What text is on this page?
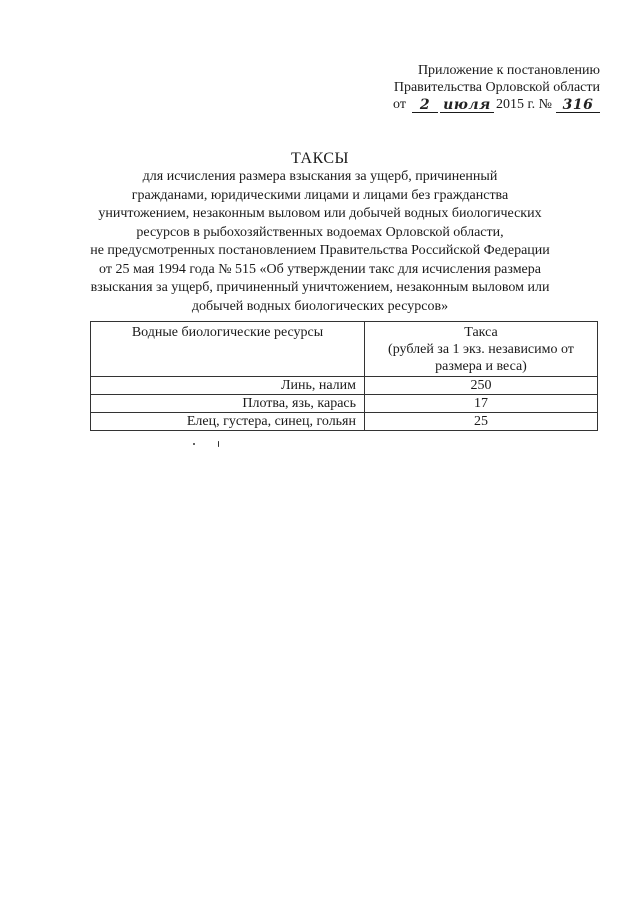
Приложение к постановлению
Правительства Орловской области
от 2 июля 2015 г. № 316
ТАКСЫ
для исчисления размера взыскания за ущерб, причиненный
гражданами, юридическими лицами и лицами без гражданства
уничтожением, незаконным выловом или добычей водных биологических
ресурсов в рыбохозяйственных водоемах Орловской области,
не предусмотренных постановлением Правительства Российской Федерации
от 25 мая 1994 года № 515 «Об утверждении такс для исчисления размера
взыскания за ущерб, причиненный уничтожением, незаконным выловом или
добычей водных биологических ресурсов»
Водные биологические ресурсы	Такса
(рублей за 1 экз. независимо от
размера и веса)

Линь, налим	250
Плотва, язь, карась	17
Елец, густера, синец, гольян	25
